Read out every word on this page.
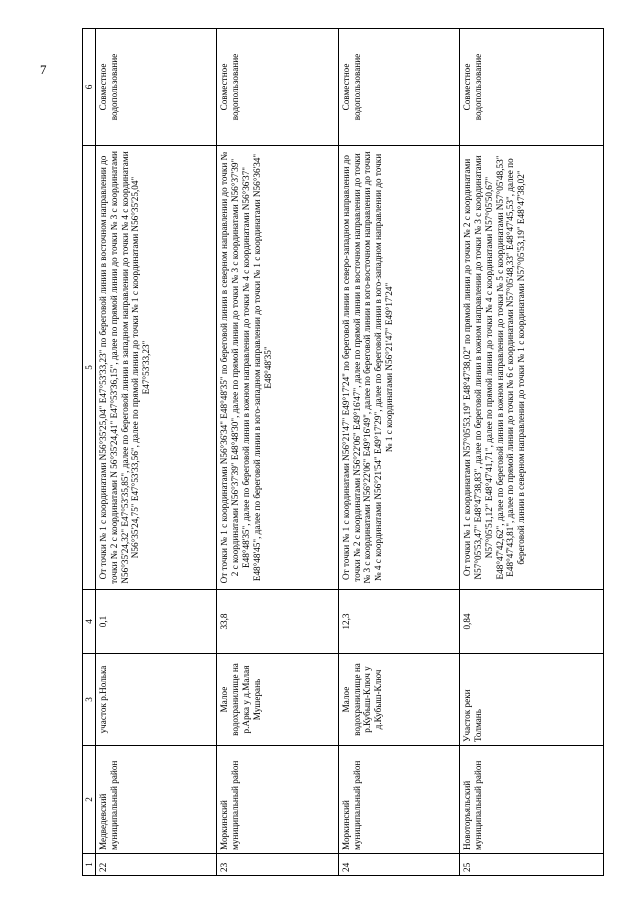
7
1	2	3	4	5	6
22	Медведевский муниципальный район	участок р.Нолька	0,1	От точки № 1 с координатами N56°35'25,04" E47°53'33,23" по береговой линии в восточном направлении до точки № 2 с координатами N 56°35'24,41" E47°53'36,15", далее по прямой линии до точки № 3 с координатами N56°35'24,32" E47°53'35,85", далее по береговой линии в западном направлении до точки № 4 с координатами N56°35'24,75" E47°53'33,56", далее по прямой линии до точки № 1 с координатами N56°35'25,04" E47°53'33,23"	Совместное водопользование
23	Моркинский муниципальный район	Малое водохранилище на р.Арка у д.Малая Мушерань	33,8	От точки № 1 с координатами N56°36'34" E48°48'35" по береговой линии в северном направлении до точки № 2 с координатами N56°37'39" E48°48'30", далее по прямой линии до точки № 3 с координатами N56°37'39" E48°48'35", далее по береговой линии в южном направлении до точки № 4 с координатами N56°36'37" E48°48'45", далее по береговой линии в юго-западном направлении до точки № 1 с координатами N56°36'34" E48°48'35"	Совместное водопользование
24	Моркинский муниципальный район	Малое водохранилище на р.Кубыш-Ключ у д.Кубыш-Ключ	12,3	От точки № 1 с координатами N56°21'47" E49°17'24" по береговой линии в северо-западном направлении до точки № 2 с координатами N56°22'06" E49°16'47", далее по прямой линии в восточном направлении до точки № 3 с координатами N56°22'06" E49°16'49", далее по береговой линии в юго-восточном направлении до точки № 4 с координатами N56°21'54" E49°17'29", далее по береговой линии в юго-западном направлении до точки № 1 с координатами N56°21'47" E49°17'24"	Совместное водопользование
25	Новоторъяльский муниципальный район	Участок реки Толмань	0,84	От точки № 1 с координатами N57°05'53,19" E48°47'38,02" по прямой линии до точки № 2 с координатами N57°05'53,47" E48°47'38,83", далее по береговой линии в южном направлении до точки № 3 с координатами N57°05'51,12" E48°47'41,71", далее по прямой линии до точки № 4 с координатами N57°05'50,67" E48°47'42,62", далее по береговой линии в южном направлении до точки № 5 с координатами N57°05'48,53" E48°47'43,81", далее по прямой линии до точки № 6 с координатами N57°05'48,33" E48°47'45,53", далее по береговой линии в северном направлении до точки № 1 с координатами N57°05'53,19" E48°47'38,02"	Совместное водопользование
